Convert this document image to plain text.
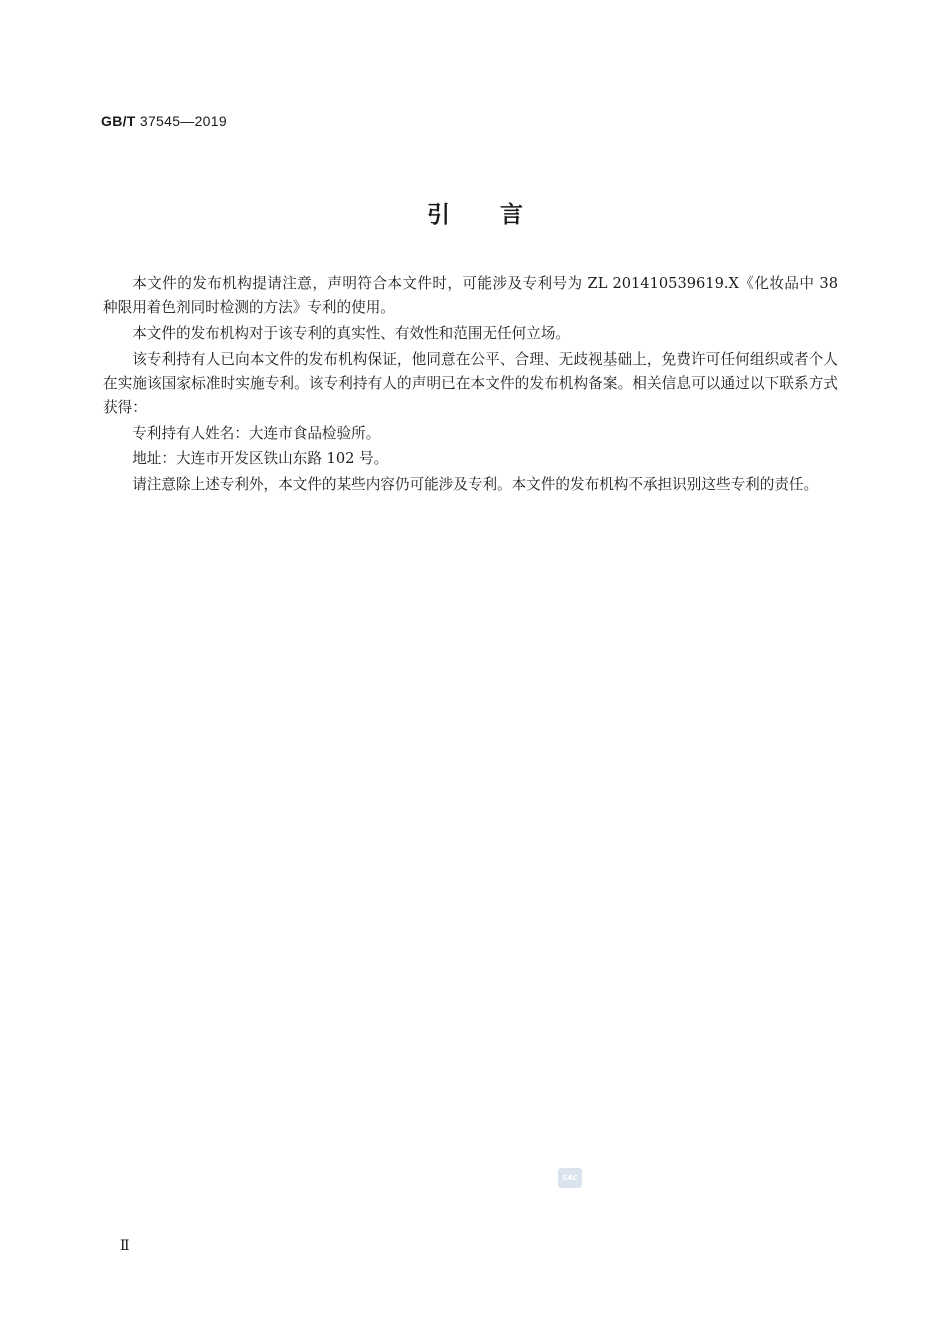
GB/T 37545—2019
引言

本文件的发布机构提请注意，声明符合本文件时，可能涉及专利号为 ZL 201410539619.X《化妆品中 38 种限用着色剂同时检测的方法》专利的使用。

本文件的发布机构对于该专利的真实性、有效性和范围无任何立场。

该专利持有人已向本文件的发布机构保证，他同意在公平、合理、无歧视基础上，免费许可任何组织或者个人在实施该国家标准时实施专利。该专利持有人的声明已在本文件的发布机构备案。相关信息可以通过以下联系方式获得：

专利持有人姓名：大连市食品检验所。

地址：大连市开发区铁山东路 102 号。

请注意除上述专利外，本文件的某些内容仍可能涉及专利。本文件的发布机构不承担识别这些专利的责任。

SAC
Ⅱ
